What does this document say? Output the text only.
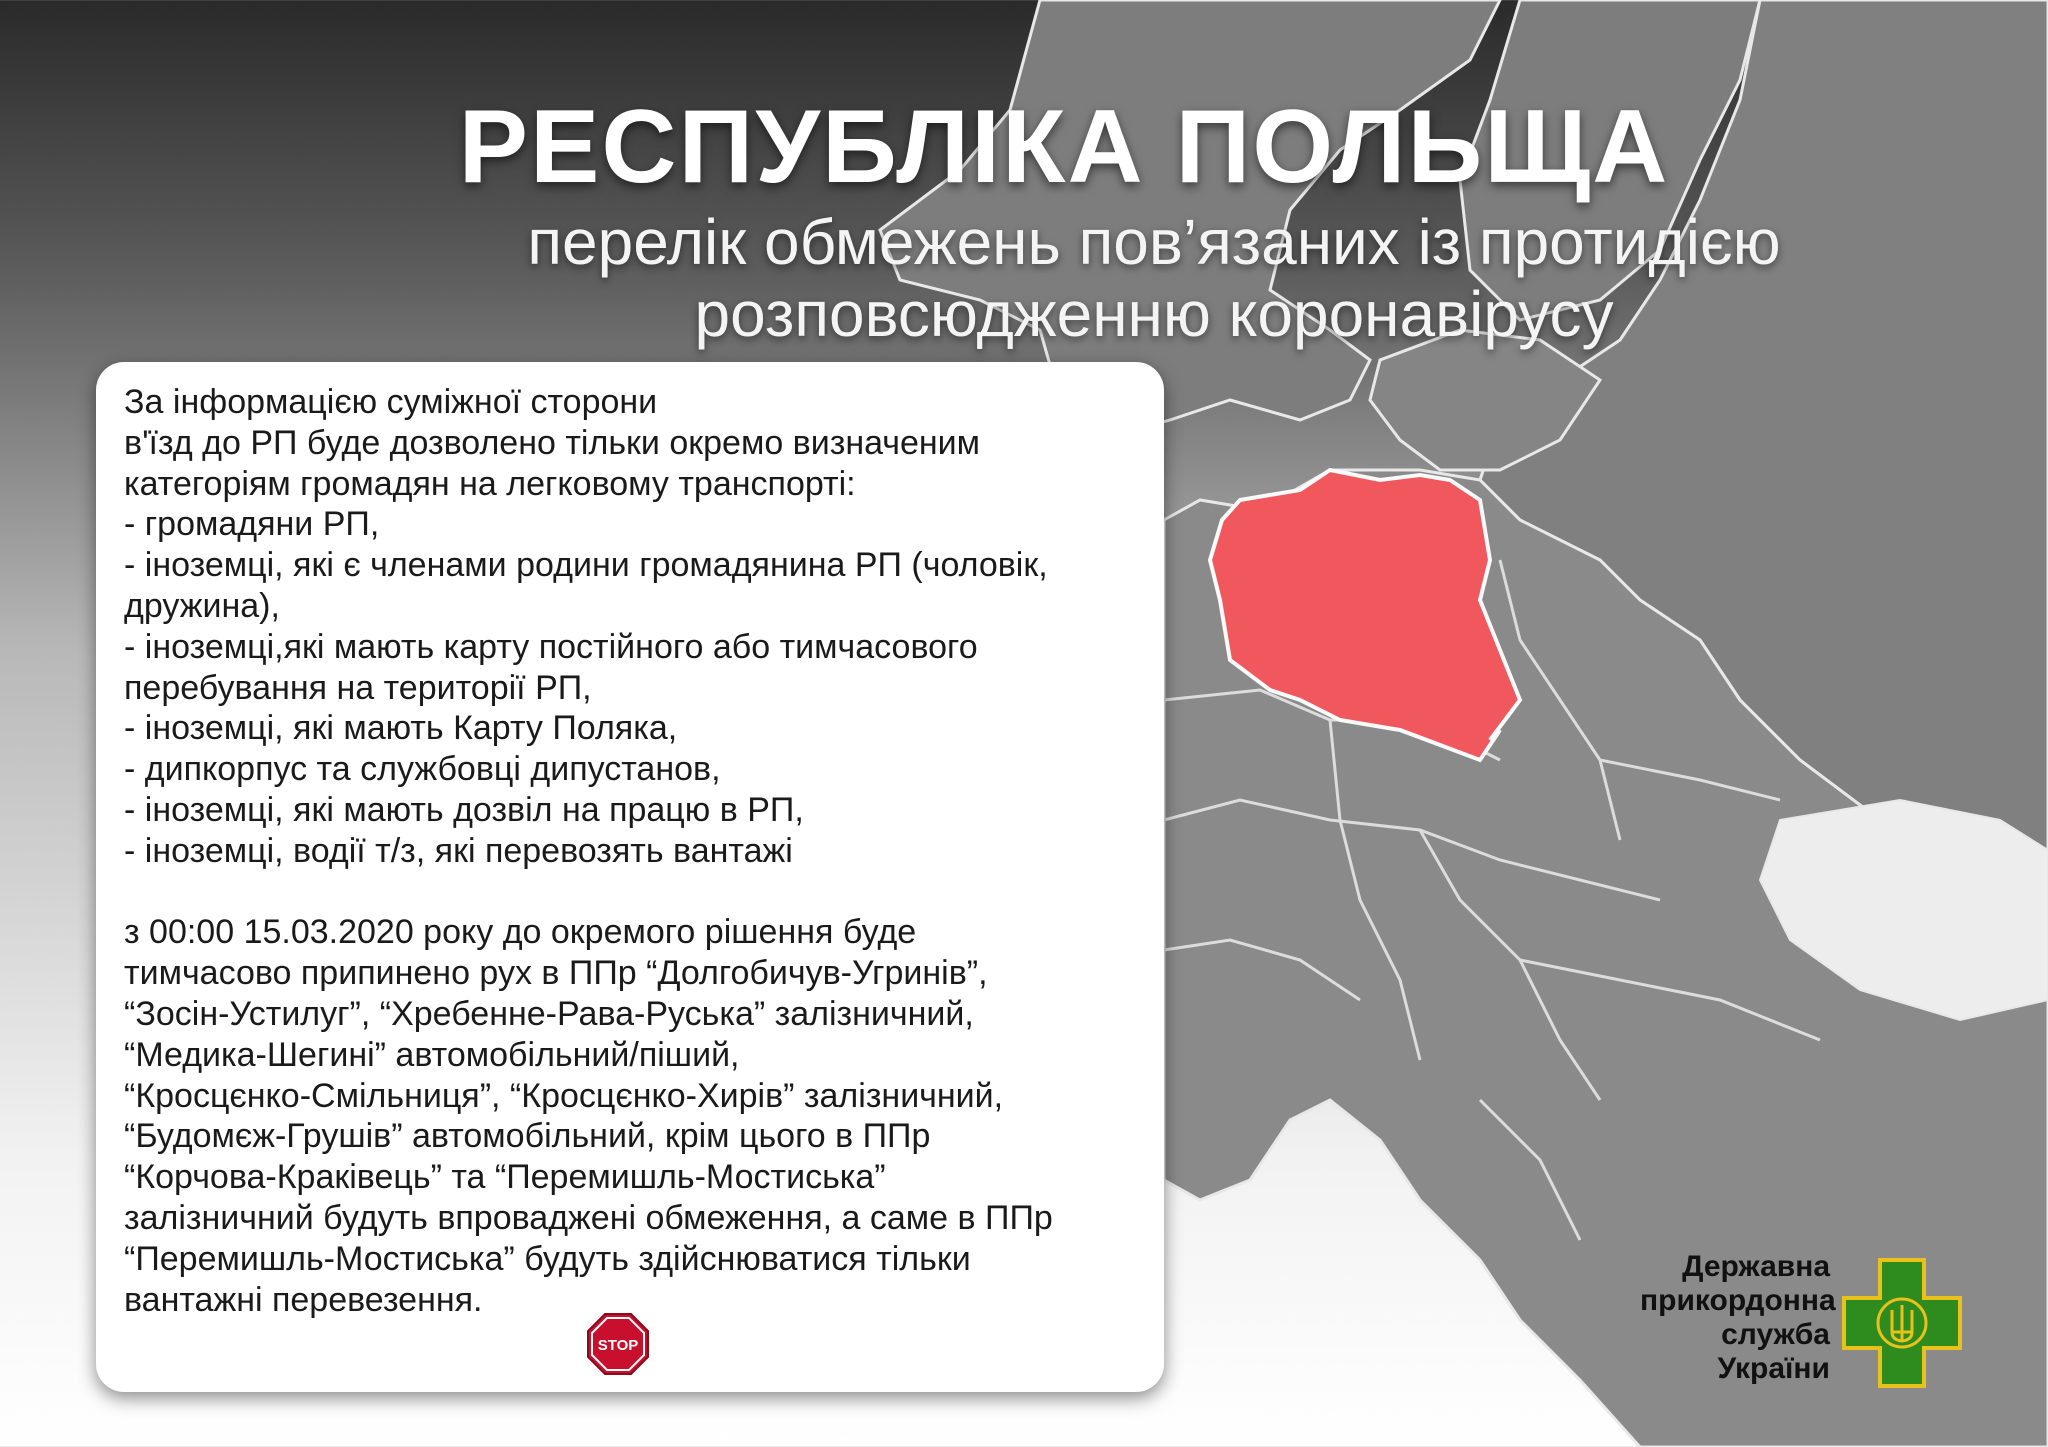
РЕСПУБЛІКА ПОЛЬЩА
перелік обмежень пов’язаних із протидією
розповсюдженню коронавірусу
За інформацією суміжної сторони
в'їзд до РП буде дозволено тільки окремо визначеним
категоріям громадян на легковому транспорті:
- громадяни РП,
- іноземці, які є членами родини громадянина РП (чоловік,
дружина),
- іноземці,які мають карту постійного або тимчасового
перебування на території РП,
- іноземці, які мають Карту Поляка,
- дипкорпус та службовці дипустанов,
- іноземці, які мають дозвіл на працю в РП,
- іноземці, водії т/з, які перевозять вантажі

з 00:00 15.03.2020 року до окремого рішення буде
тимчасово припинено рух в ППр “Долгобичув-Угринів”,
“Зосін-Устилуг”, “Хребенне-Рава-Руська” залізничний,
“Медика-Шегині” автомобільний/піший,
“Кросцєнко-Смільниця”, “Кросцєнко-Хирів” залізничний,
“Будомєж-Грушів” автомобільний, крім цього в ППр
“Корчова-Краківець” та “Перемишль-Мостиська”
залізничний будуть впроваджені обмеження, а саме в ППр
“Перемишль-Мостиська” будуть здійснюватися тільки
вантажні перевезення.
STOP
Державна
прикордонна
служба
України
